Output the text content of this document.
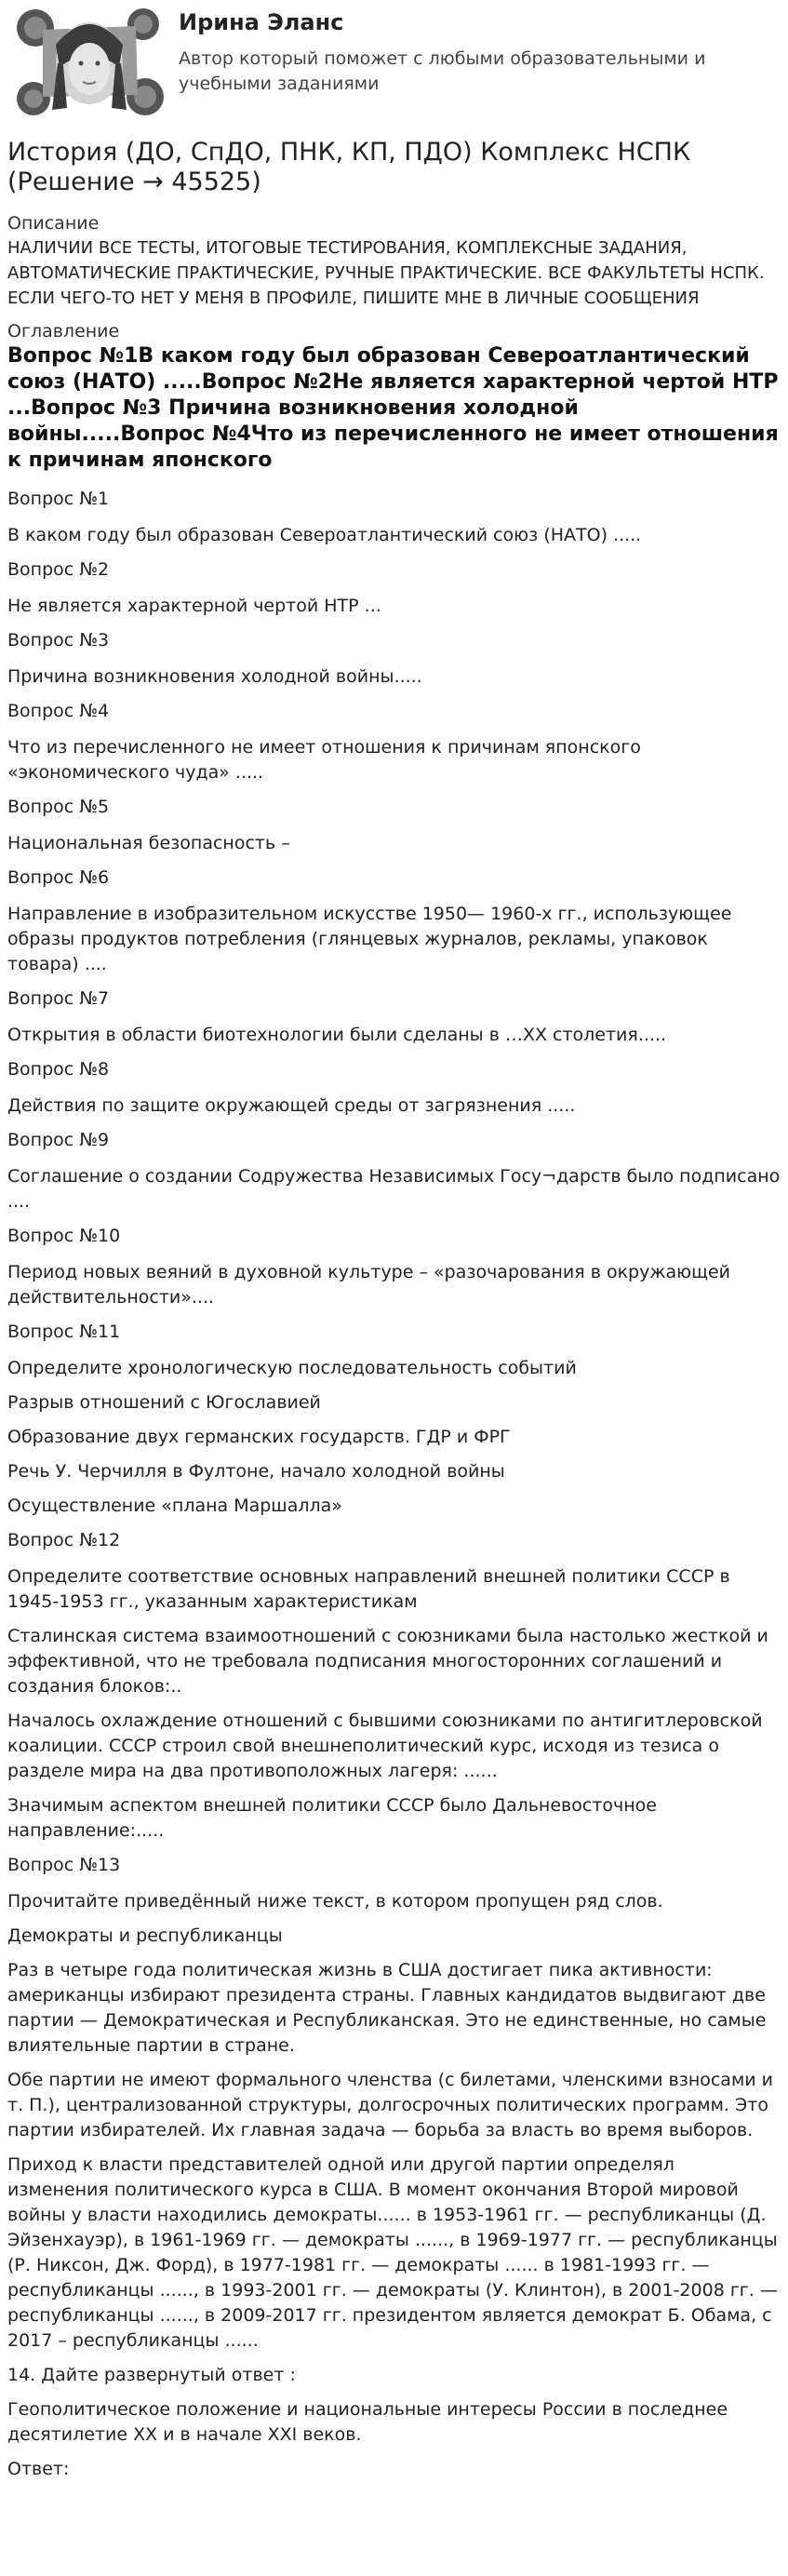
Ирина Эланс
Автор который поможет с любыми образовательными и учебными заданиями
История (ДО, СпДО, ПНК, КП, ПДО) Комплекс НСПК (Решение → 45525)
Описание
НАЛИЧИИ ВСЕ ТЕСТЫ, ИТОГОВЫЕ ТЕСТИРОВАНИЯ, КОМПЛЕКСНЫЕ ЗАДАНИЯ, АВТОМАТИЧЕСКИЕ ПРАКТИЧЕСКИЕ, РУЧНЫЕ ПРАКТИЧЕСКИЕ. ВСЕ ФАКУЛЬТЕТЫ НСПК. ЕСЛИ ЧЕГО-ТО НЕТ У МЕНЯ В ПРОФИЛЕ, ПИШИТЕ МНЕ В ЛИЧНЫЕ СООБЩЕНИЯ
Оглавление
Вопрос №1В каком году был образован Североатлантический союз (НАТО) .....Вопрос №2Не является характерной чертой НТР ...Вопрос №3 Причина возникновения холодной войны.....Вопрос №4Что из перечисленного не имеет отношения к причинам японского
Вопрос №1
В каком году был образован Североатлантический союз (НАТО) .....
Вопрос №2
Не является характерной чертой НТР ...
Вопрос №3
Причина возникновения холодной войны.....
Вопрос №4
Что из перечисленного не имеет отношения к причинам японского «экономического чуда» .....
Вопрос №5
Национальная безопасность –
Вопрос №6
Направление в изобразительном искусстве 1950— 1960-х гг., использующее образы продуктов потребления (глянцевых журналов, рекламы, упаковок товара) ....
Вопрос №7
Открытия в области биотехнологии были сделаны в …XX столетия.....
Вопрос №8
Действия по защите окружающей среды от загрязнения .....
Вопрос №9
Соглашение о создании Содружества Независимых Госу¬дарств было подписано ....
Вопрос №10
Период новых веяний в духовной культуре – «разочарования в окружающей действительности»....
Вопрос №11
Определите хронологическую последовательность событий
Разрыв отношений с Югославией
Образование двух германских государств. ГДР и ФРГ
Речь У. Черчилля в Фултоне, начало холодной войны
Осуществление «плана Маршалла»
Вопрос №12
Определите соответствие основных направлений внешней политики СССР в 1945-1953 гг., указанным характеристикам
Сталинская система взаимоотношений с союзниками была настолько жесткой и эффективной, что не требовала подписания многосторонних соглашений и создания блоков:..
Началось охлаждение отношений с бывшими союзниками по антигитлеровской коалиции. СССР строил свой внешнеполитический курс, исходя из тезиса о разделе мира на два противоположных лагеря: ......
Значимым аспектом внешней политики СССР было Дальневосточное направление:.....
Вопрос №13
Прочитайте приведённый ниже текст, в котором пропущен ряд слов.
Демократы и республиканцы
Раз в четыре года политическая жизнь в США достигает пика активности: американцы избирают президента страны. Главных кандидатов выдвигают две партии — Демократическая и Республиканская. Это не единственные, но самые влиятельные партии в стране.
Обе партии не имеют формального членства (с билетами, членскими взносами и т. П.), централизованной структуры, долгосрочных политических программ. Это партии избирателей. Их главная задача — борьба за власть во время выборов.
Приход к власти представителей одной или другой партии определял изменения политического курса в США. В момент окончания Второй мировой войны у власти находились демократы...... в 1953-1961 гг. — республиканцы (Д. Эйзенхауэр), в 1961-1969 гг. — демократы ......, в 1969-1977 гг. — республиканцы (Р. Никсон, Дж. Форд), в 1977-1981 гг. — демократы ...... в 1981-1993 гг. — республиканцы ......, в 1993-2001 гг. — демократы (У. Клинтон), в 2001-2008 гг. — республиканцы ......, в 2009-2017 гг. президентом является демократ Б. Обама, с 2017 – республиканцы ......
14. Дайте развернутый ответ :
Геополитическое положение и национальные интересы России в последнее десятилетие XX и в начале XXI веков.
Ответ:
